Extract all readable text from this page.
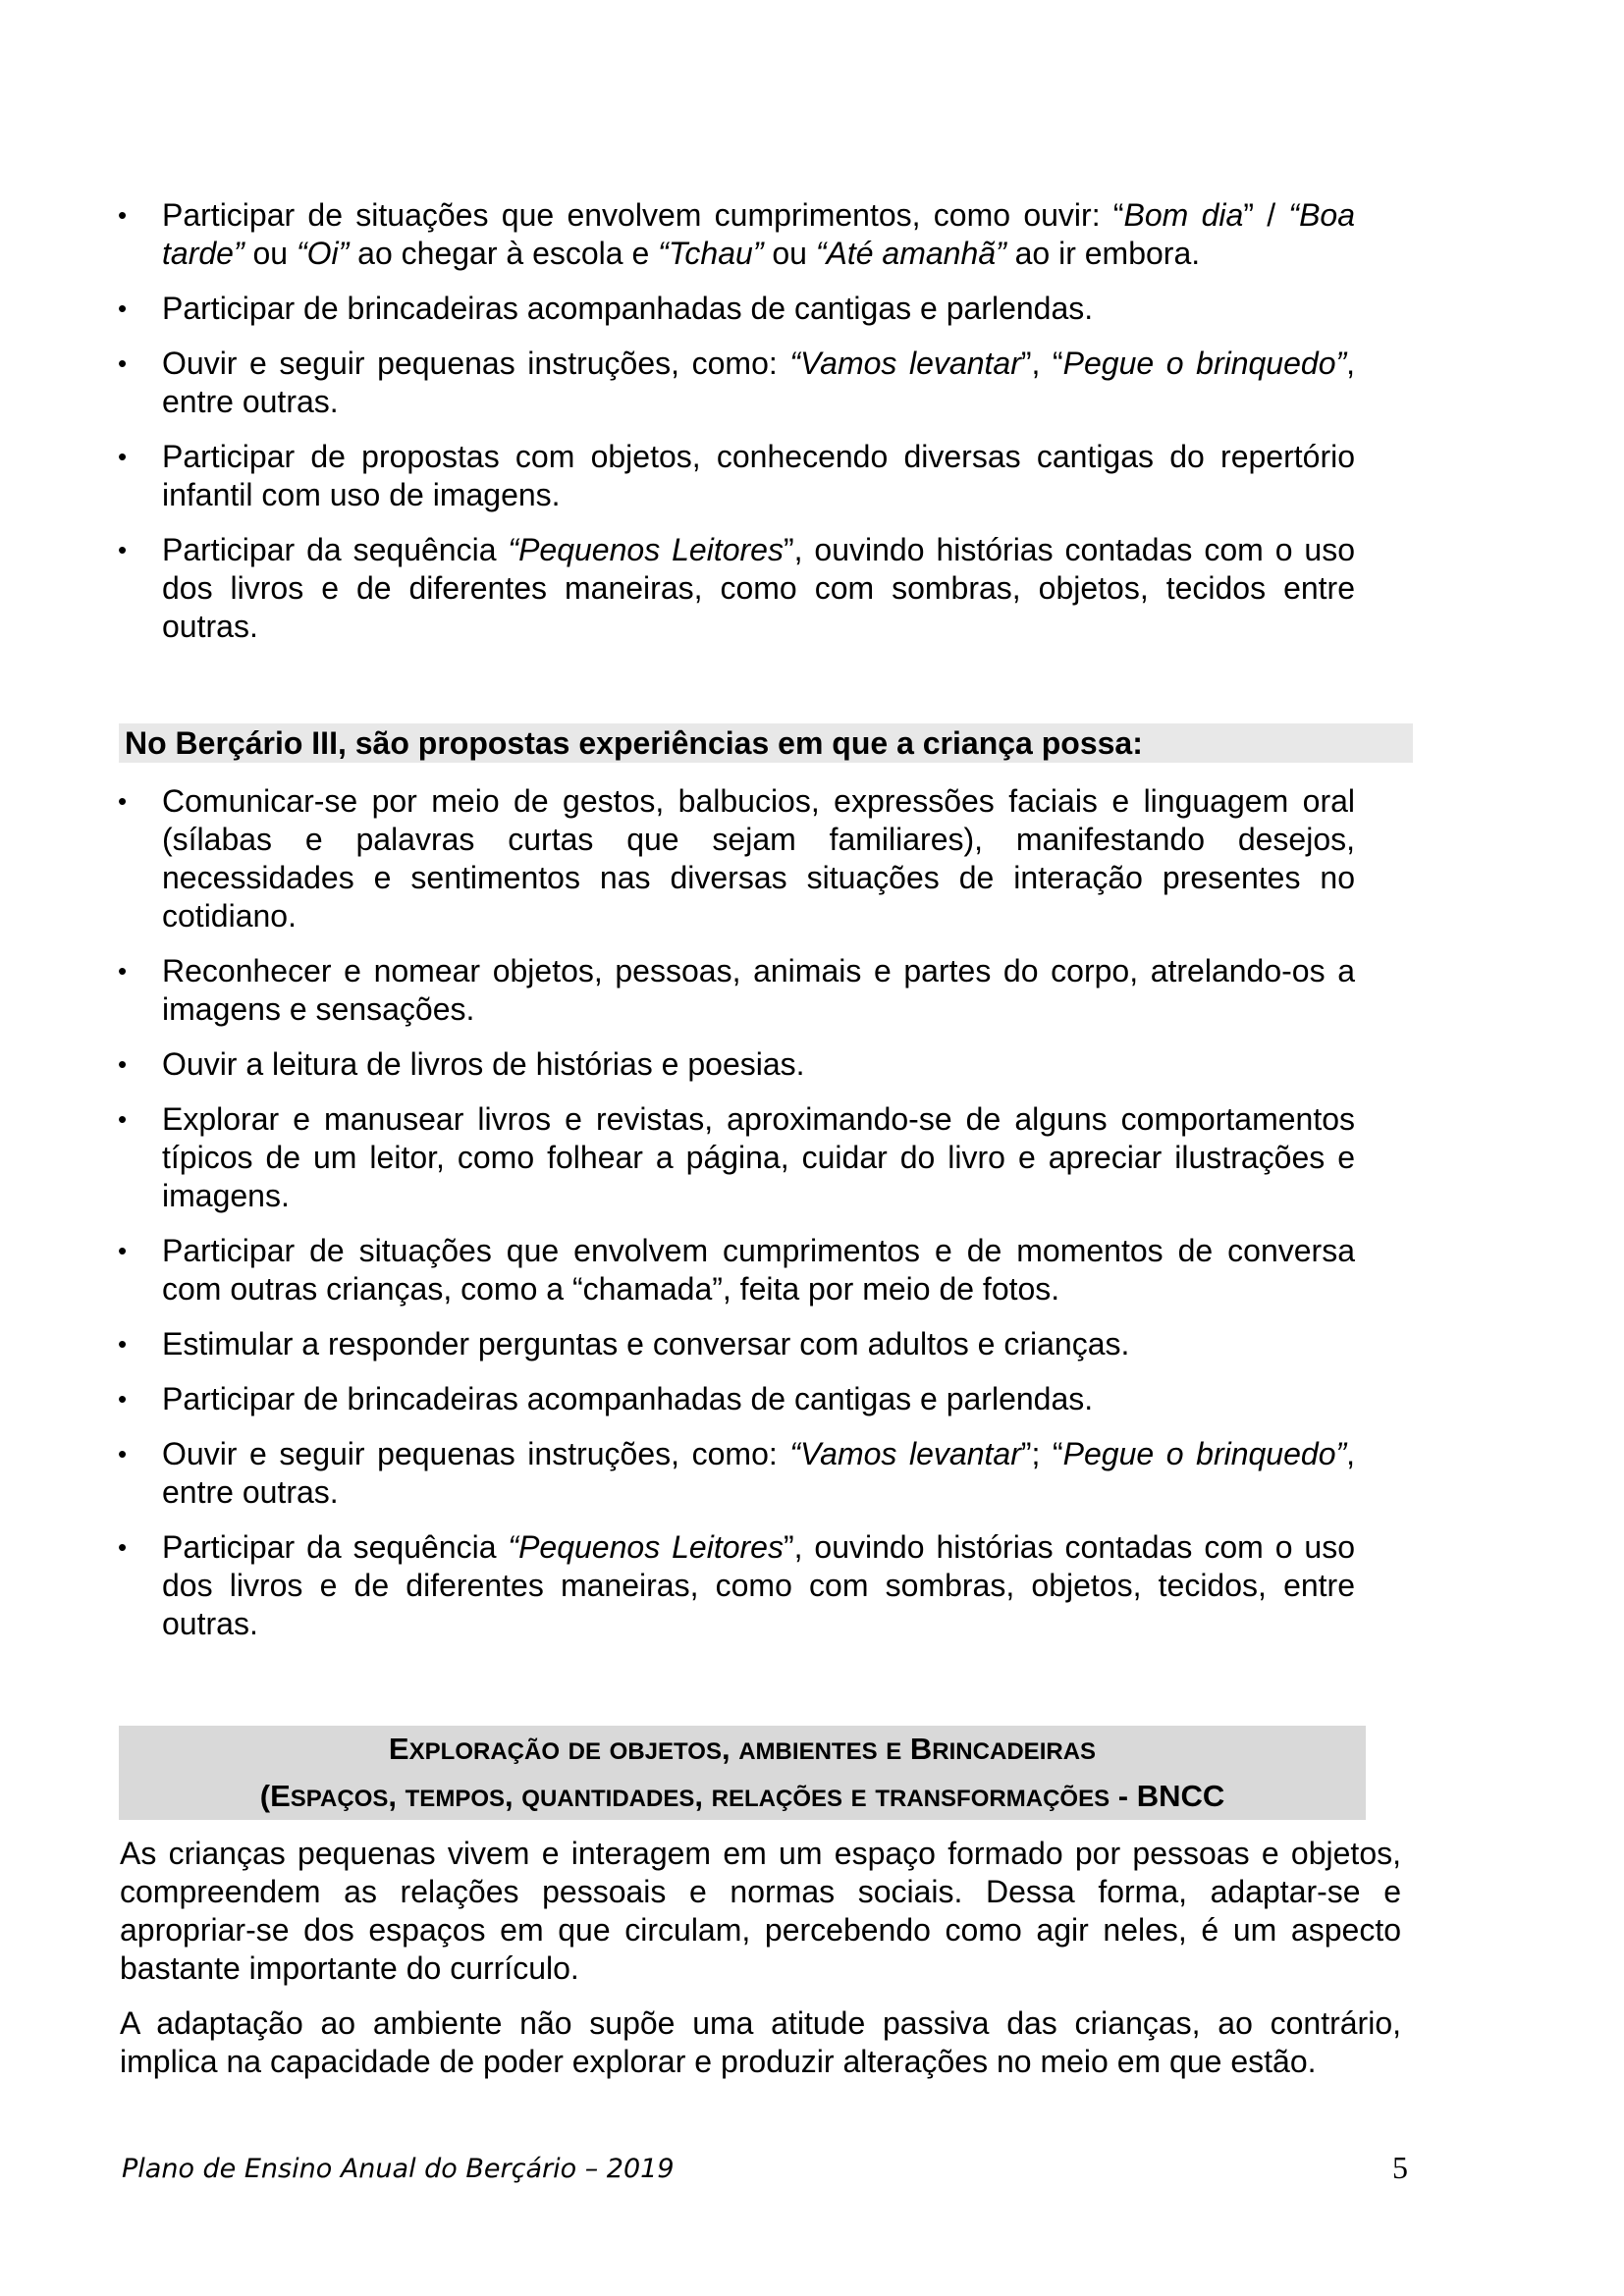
•	Participar de situações que envolvem cumprimentos, como ouvir: “Bom dia” / “Boa tarde” ou “Oi” ao chegar à escola e “Tchau” ou “Até amanhã” ao ir embora.
•	Participar de brincadeiras acompanhadas de cantigas e parlendas.
•	Ouvir e seguir pequenas instruções, como: “Vamos levantar”, “Pegue o brinquedo”, entre outras.
•	Participar de propostas com objetos, conhecendo diversas cantigas do repertório infantil com uso de imagens.
•	Participar da sequência “Pequenos Leitores”, ouvindo histórias contadas com o uso dos livros e de diferentes maneiras, como com sombras, objetos, tecidos entre outras.
No Berçário III, são propostas experiências em que a criança possa:
•	Comunicar-se por meio de gestos, balbucios, expressões faciais e linguagem oral (sílabas e palavras curtas que sejam familiares), manifestando desejos, necessidades e sentimentos nas diversas situações de interação presentes no cotidiano.
•	Reconhecer e nomear objetos, pessoas, animais e partes do corpo, atrelando-os a imagens e sensações.
•	Ouvir a leitura de livros de histórias e poesias.
•	Explorar e manusear livros e revistas, aproximando-se de alguns comportamentos típicos de um leitor, como folhear a página, cuidar do livro e apreciar ilustrações e imagens.
•	Participar de situações que envolvem cumprimentos e de momentos de conversa com outras crianças, como a “chamada”, feita por meio de fotos.
•	Estimular a responder perguntas e conversar com adultos e crianças.
•	Participar de brincadeiras acompanhadas de cantigas e parlendas.
•	Ouvir e seguir pequenas instruções, como: “Vamos levantar”; “Pegue o brinquedo”, entre outras.
•	Participar da sequência “Pequenos Leitores”, ouvindo histórias contadas com o uso dos livros e de diferentes maneiras, como com sombras, objetos, tecidos, entre outras.
EXPLORAÇÃO DE OBJETOS, AMBIENTES E BRINCADEIRAS
(ESPAÇOS, TEMPOS, QUANTIDADES, RELAÇÕES E TRANSFORMAÇÕES - BNCC

As crianças pequenas vivem e interagem em um espaço formado por pessoas e objetos, compreendem as relações pessoais e normas sociais. Dessa forma, adaptar-se e apropriar-se dos espaços em que circulam, percebendo como agir neles, é um aspecto bastante importante do currículo.

A adaptação ao ambiente não supõe uma atitude passiva das crianças, ao contrário, implica na capacidade de poder explorar e produzir alterações no meio em que estão.

Plano de Ensino Anual do Berçário – 2019	5
